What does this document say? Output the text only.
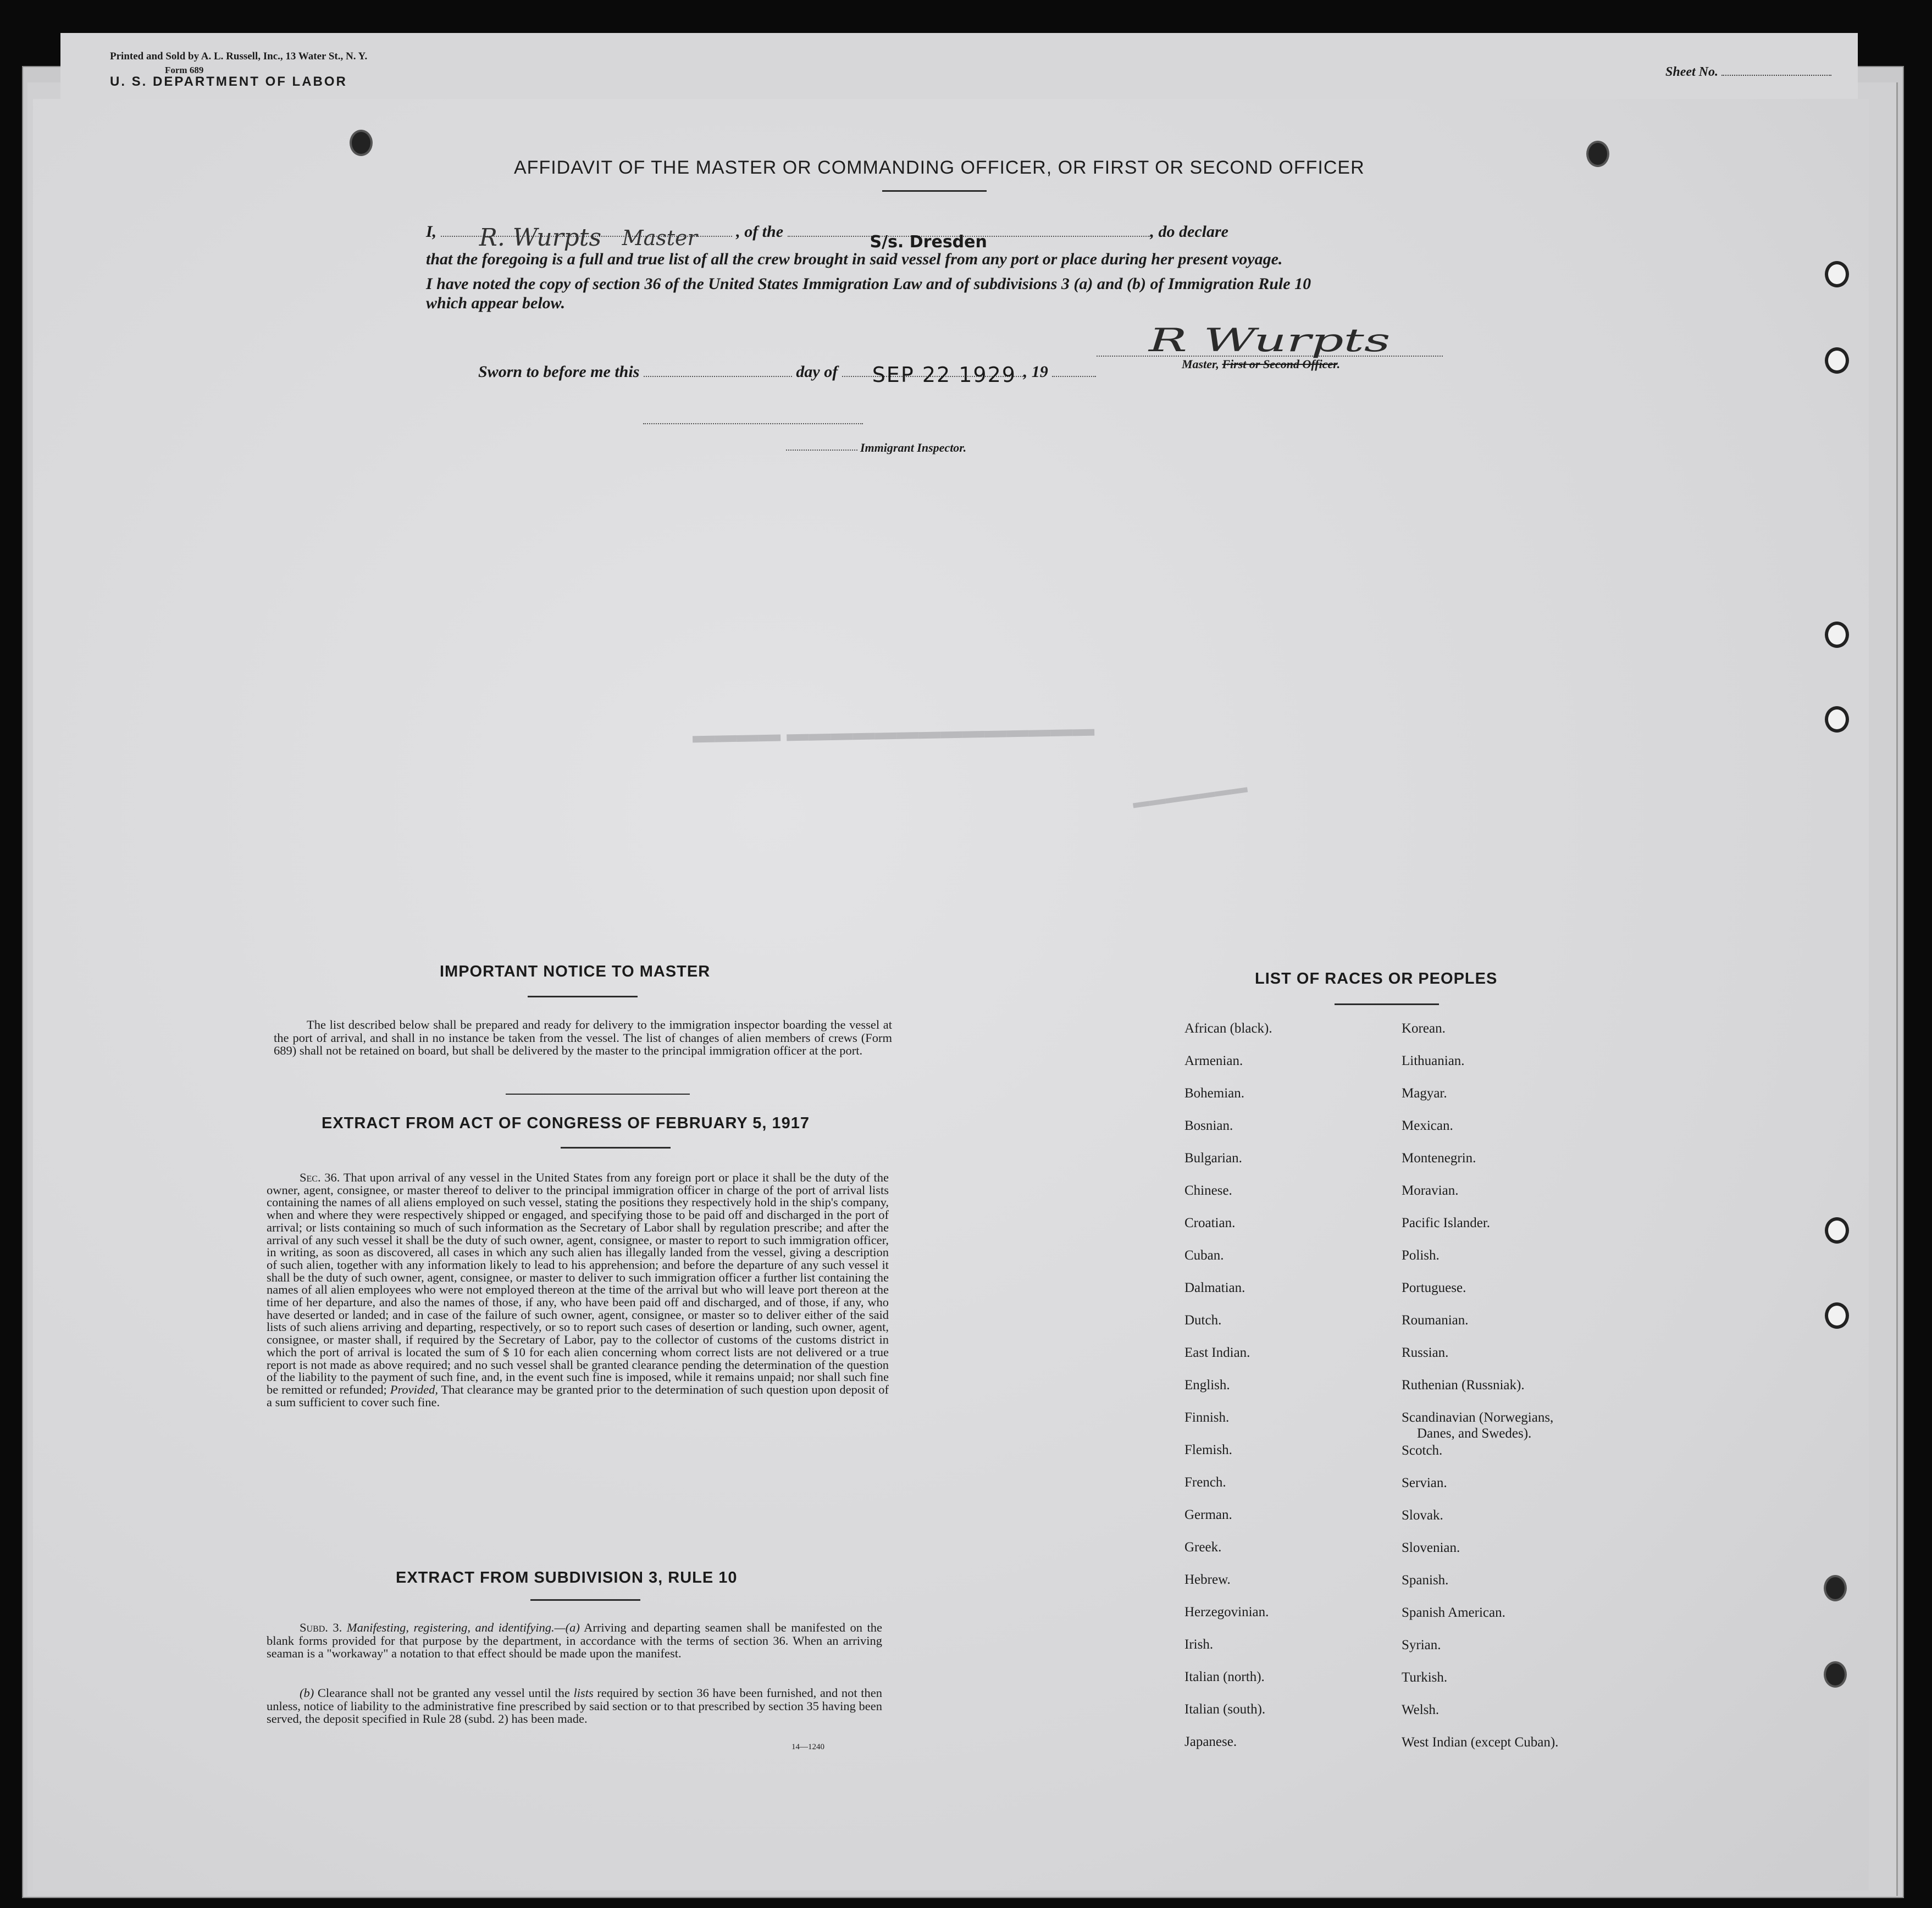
Printed and Sold by A. L. Russell, Inc., 13 Water St., N. Y.
Form 689
U. S. DEPARTMENT OF LABOR
Sheet No.
▬▬▬▬ ▬▬▬▬▬▬▬▬▬▬▬▬▬▬
▬▬▬▬▬▬▬
AFFIDAVIT OF THE MASTER OR COMMANDING OFFICER, OR FIRST OR SECOND OFFICER
I, R. Wurpts Master , of the
S/s. Dresden
, do declare
that the foregoing is a full and true list of all the crew brought in said vessel from any port or place during her present voyage.
I have noted the copy of section 36 of the United States Immigration Law and of subdivisions 3 (a) and (b) of Immigration Rule 10
which appear below.
Sworn to before me this	day of SEP 22 1929 , 19
R Wurpts
Master, First or Second Officer.
Immigrant Inspector.
IMPORTANT NOTICE TO MASTER
The list described below shall be prepared and ready for delivery to the immigration inspector boarding the vessel at the port of arrival, and shall in no instance be taken from the vessel. The list of changes of alien members of crews (Form 689) shall not be retained on board, but shall be delivered by the master to the principal immigration officer at the port.
EXTRACT FROM ACT OF CONGRESS OF FEBRUARY 5, 1917
Sec. 36. That upon arrival of any vessel in the United States from any foreign port or place it shall be the duty of the owner, agent, consignee, or master thereof to deliver to the principal immigration officer in charge of the port of arrival lists containing the names of all aliens employed on such vessel, stating the positions they respectively hold in the ship's company, when and where they were respectively shipped or engaged, and specifying those to be paid off and discharged in the port of arrival; or lists containing so much of such information as the Secretary of Labor shall by regulation prescribe; and after the arrival of any such vessel it shall be the duty of such owner, agent, consignee, or master to report to such immigration officer, in writing, as soon as discovered, all cases in which any such alien has illegally landed from the vessel, giving a description of such alien, together with any information likely to lead to his apprehension; and before the departure of any such vessel it shall be the duty of such owner, agent, consignee, or master to deliver to such immigration officer a further list containing the names of all alien employees who were not employed thereon at the time of the arrival but who will leave port thereon at the time of her departure, and also the names of those, if any, who have been paid off and discharged, and of those, if any, who have deserted or landed; and in case of the failure of such owner, agent, consignee, or master so to deliver either of the said lists of such aliens arriving and departing, respectively, or so to report such cases of desertion or landing, such owner, agent, consignee, or master shall, if required by the Secretary of Labor, pay to the collector of customs of the customs district in which the port of arrival is located the sum of $ 10 for each alien concerning whom correct lists are not delivered or a true report is not made as above required; and no such vessel shall be granted clearance pending the determination of the question of the liability to the payment of such fine, and, in the event such fine is imposed, while it remains unpaid; nor shall such fine be remitted or refunded; Provided, That clearance may be granted prior to the determination of such question upon deposit of a sum sufficient to cover such fine.
EXTRACT FROM SUBDIVISION 3, RULE 10
Subd. 3. Manifesting, registering, and identifying.—(a) Arriving and departing seamen shall be manifested on the blank forms provided for that purpose by the department, in accordance with the terms of section 36. When an arriving seaman is a "workaway" a notation to that effect should be made upon the manifest.
(b) Clearance shall not be granted any vessel until the lists required by section 36 have been furnished, and not then unless, notice of liability to the administrative fine prescribed by said section or to that prescribed by section 35 having been served, the deposit specified in Rule 28 (subd. 2) has been made.
14—1240
LIST OF RACES OR PEOPLES
African (black).
Armenian.
Bohemian.
Bosnian.
Bulgarian.
Chinese.
Croatian.
Cuban.
Dalmatian.
Dutch.
East Indian.
English.
Finnish.
Flemish.
French.
German.
Greek.
Hebrew.
Herzegovinian.
Irish.
Italian (north).
Italian (south).
Japanese.
Korean.
Lithuanian.
Magyar.
Mexican.
Montenegrin.
Moravian.
Pacific Islander.
Polish.
Portuguese.
Roumanian.
Russian.
Ruthenian (Russniak).
Scandinavian (Norwegians,
Danes, and Swedes).
Scotch.
Servian.
Slovak.
Slovenian.
Spanish.
Spanish American.
Syrian.
Turkish.
Welsh.
West Indian (except Cuban).
